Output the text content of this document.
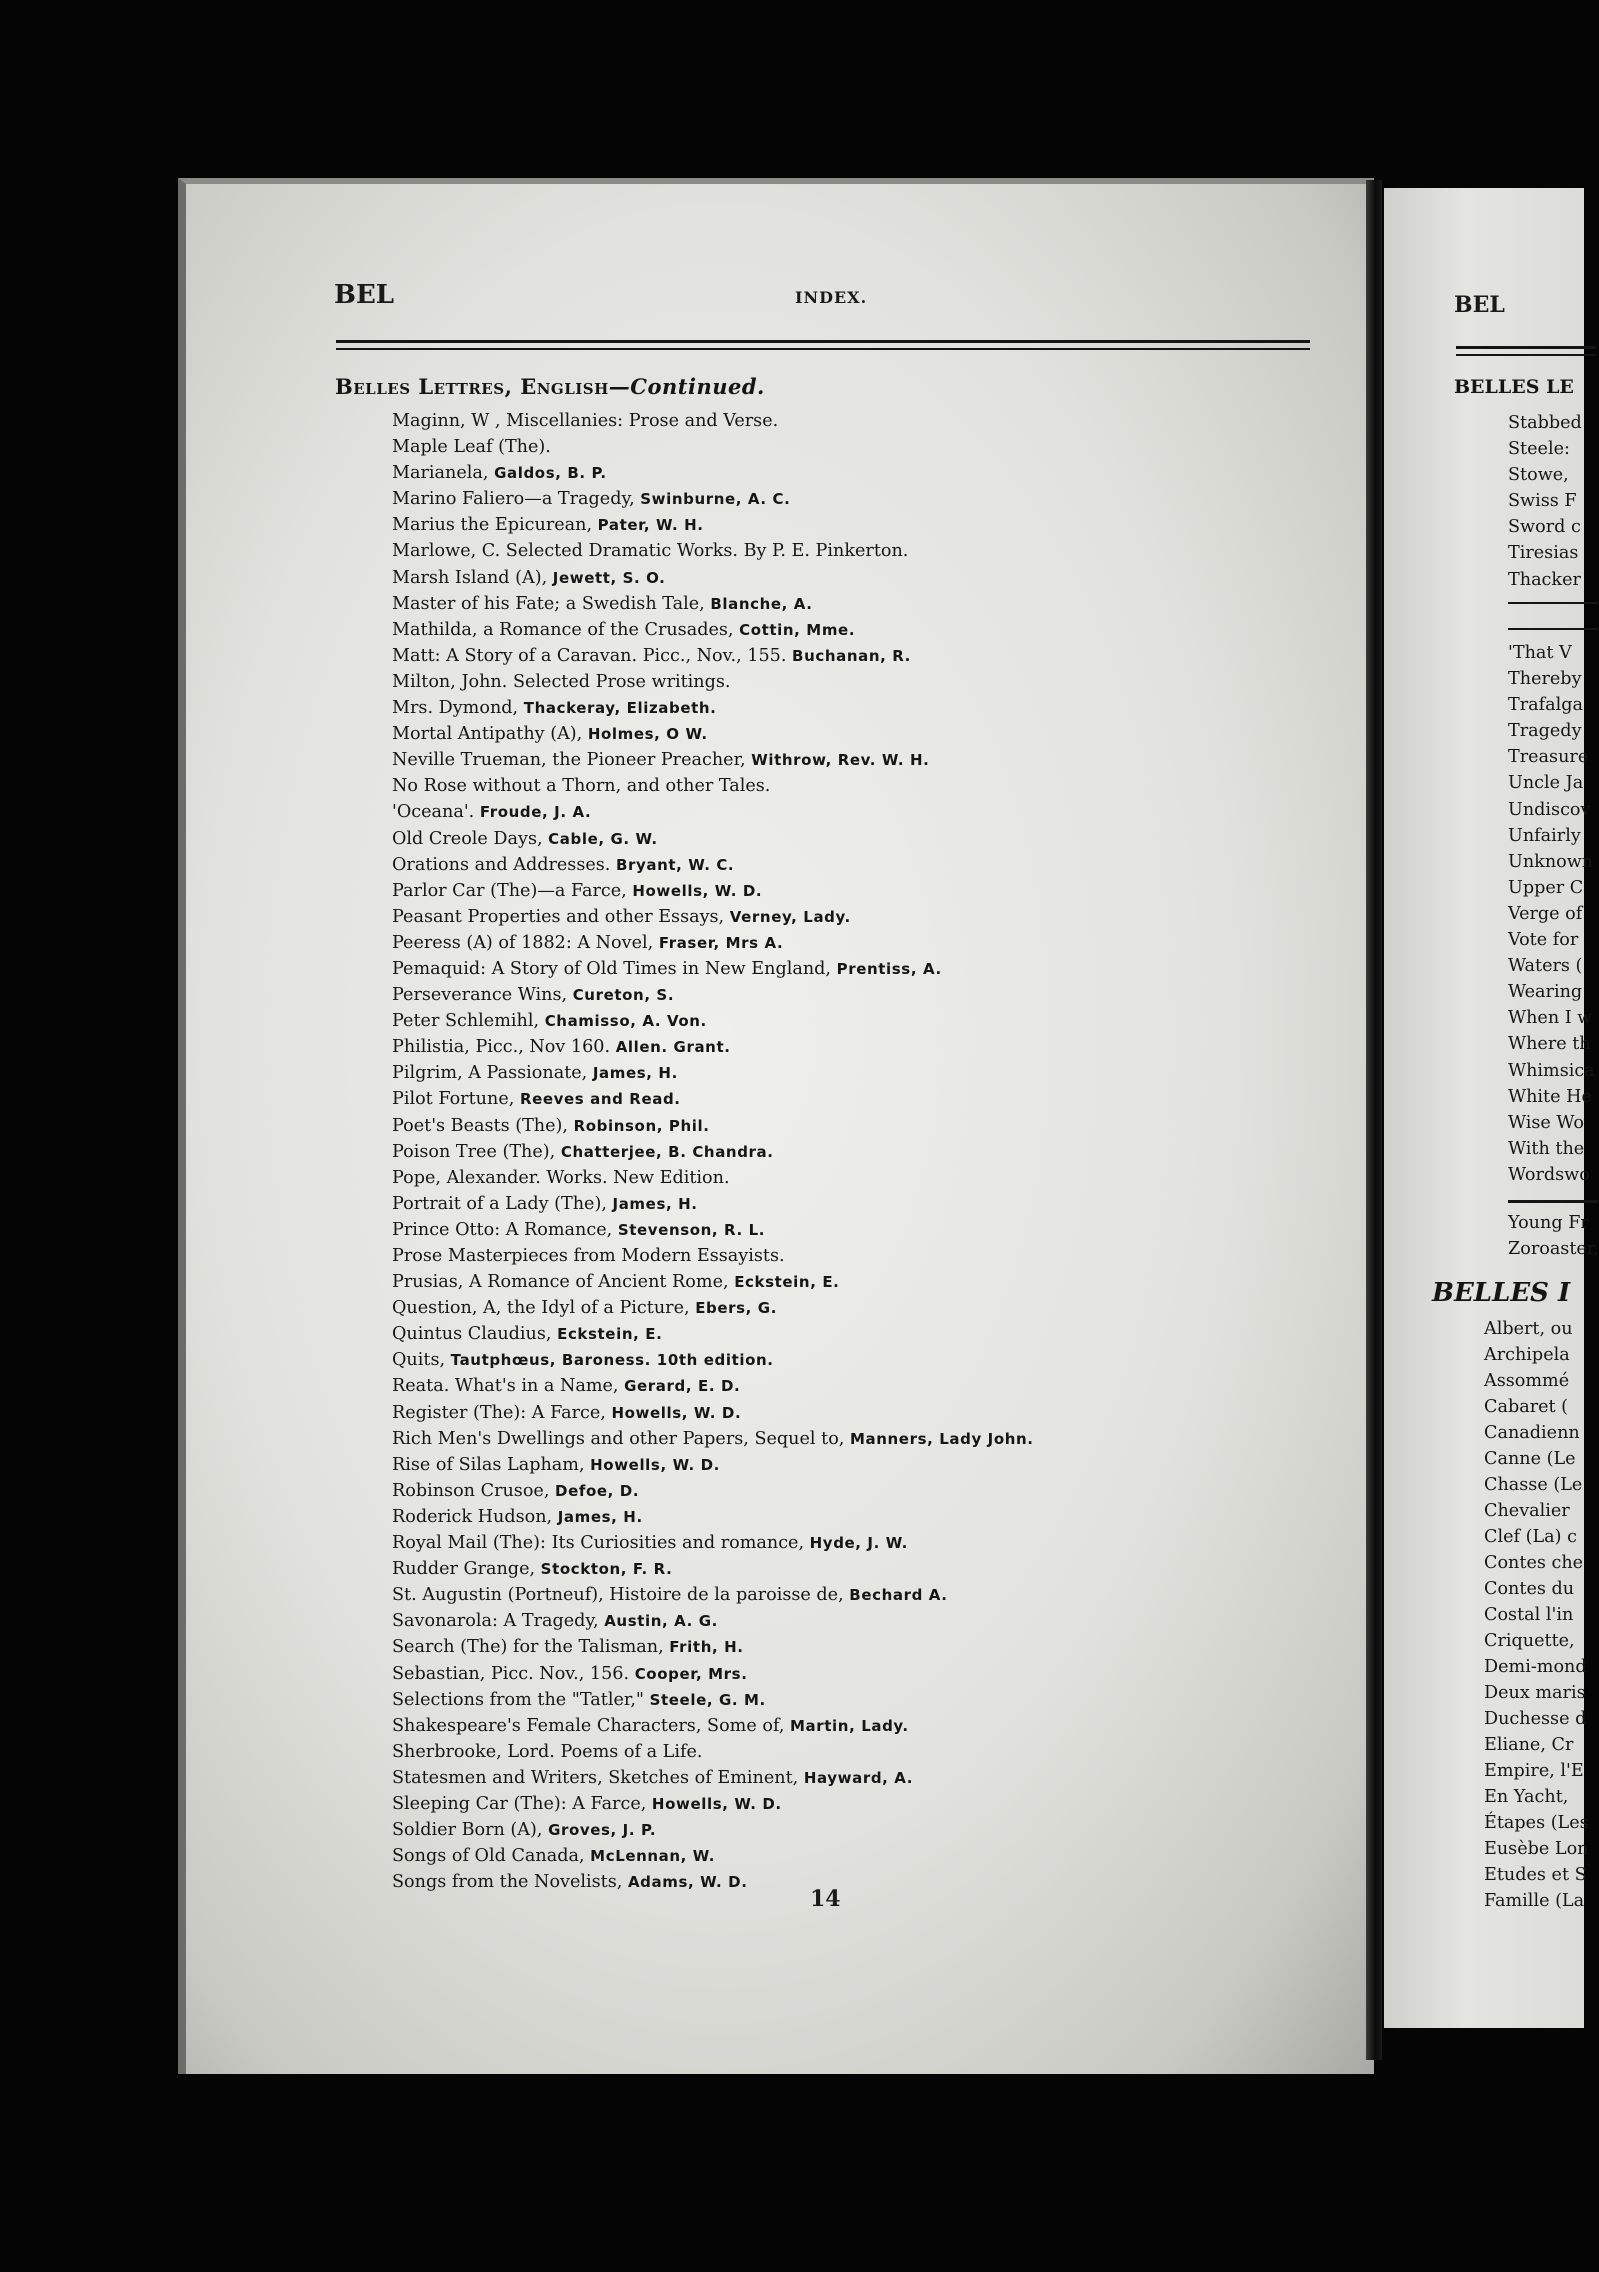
BEL	INDEX.
Belles Lettres, English—Continued.
Maginn, W , Miscellanies: Prose and Verse.
Maple Leaf (The).
Marianela, Galdos, B. P.
Marino Faliero—a Tragedy, Swinburne, A. C.
Marius the Epicurean, Pater, W. H.
Marlowe, C. Selected Dramatic Works. By P. E. Pinkerton.
Marsh Island (A), Jewett, S. O.
Master of his Fate; a Swedish Tale, Blanche, A.
Mathilda, a Romance of the Crusades, Cottin, Mme.
Matt: A Story of a Caravan. Picc., Nov., 155. Buchanan, R.
Milton, John. Selected Prose writings.
Mrs. Dymond, Thackeray, Elizabeth.
Mortal Antipathy (A), Holmes, O W.
Neville Trueman, the Pioneer Preacher, Withrow, Rev. W. H.
No Rose without a Thorn, and other Tales.
'Oceana'. Froude, J. A.
Old Creole Days, Cable, G. W.
Orations and Addresses. Bryant, W. C.
Parlor Car (The)—a Farce, Howells, W. D.
Peasant Properties and other Essays, Verney, Lady.
Peeress (A) of 1882: A Novel, Fraser, Mrs A.
Pemaquid: A Story of Old Times in New England, Prentiss, A.
Perseverance Wins, Cureton, S.
Peter Schlemihl, Chamisso, A. Von.
Philistia, Picc., Nov 160. Allen. Grant.
Pilgrim, A Passionate, James, H.
Pilot Fortune, Reeves and Read.
Poet's Beasts (The), Robinson, Phil.
Poison Tree (The), Chatterjee, B. Chandra.
Pope, Alexander. Works. New Edition.
Portrait of a Lady (The), James, H.
Prince Otto: A Romance, Stevenson, R. L.
Prose Masterpieces from Modern Essayists.
Prusias, A Romance of Ancient Rome, Eckstein, E.
Question, A, the Idyl of a Picture, Ebers, G.
Quintus Claudius, Eckstein, E.
Quits, Tautphœus, Baroness. 10th edition.
Reata. What's in a Name, Gerard, E. D.
Register (The): A Farce, Howells, W. D.
Rich Men's Dwellings and other Papers, Sequel to, Manners, Lady John.
Rise of Silas Lapham, Howells, W. D.
Robinson Crusoe, Defoe, D.
Roderick Hudson, James, H.
Royal Mail (The): Its Curiosities and romance, Hyde, J. W.
Rudder Grange, Stockton, F. R.
St. Augustin (Portneuf), Histoire de la paroisse de, Bechard A.
Savonarola: A Tragedy, Austin, A. G.
Search (The) for the Talisman, Frith, H.
Sebastian, Picc. Nov., 156. Cooper, Mrs.
Selections from the "Tatler," Steele, G. M.
Shakespeare's Female Characters, Some of, Martin, Lady.
Sherbrooke, Lord. Poems of a Life.
Statesmen and Writers, Sketches of Eminent, Hayward, A.
Sleeping Car (The): A Farce, Howells, W. D.
Soldier Born (A), Groves, J. P.
Songs of Old Canada, McLennan, W.
Songs from the Novelists, Adams, W. D.
14
BEL
BELLES LE
Stabbed
Steele:
Stowe,
Swiss F
Sword c
Tiresias
Thacker
'That V
Thereby
Trafalga
Tragedy
Treasure
Uncle Ja
Undiscov
Unfairly
Unknown
Upper C
Verge of
Vote for
Waters (
Wearing
When I w
Where th
Whimsica
White He
Wise Wo
With the
Wordswo
Young Fr
Zoroaster,
BELLES I
Albert, ou
Archipela
Assommé
Cabaret (
Canadienn
Canne (Le
Chasse (Le
Chevalier
Clef (La) c
Contes che
Contes du
Costal l'in
Criquette,
Demi-mond
Deux maris
Duchesse d
Eliane, Cr
Empire, l'E
En Yacht,
Étapes (Les
Eusèbe Lon
Etudes et S
Famille (La
